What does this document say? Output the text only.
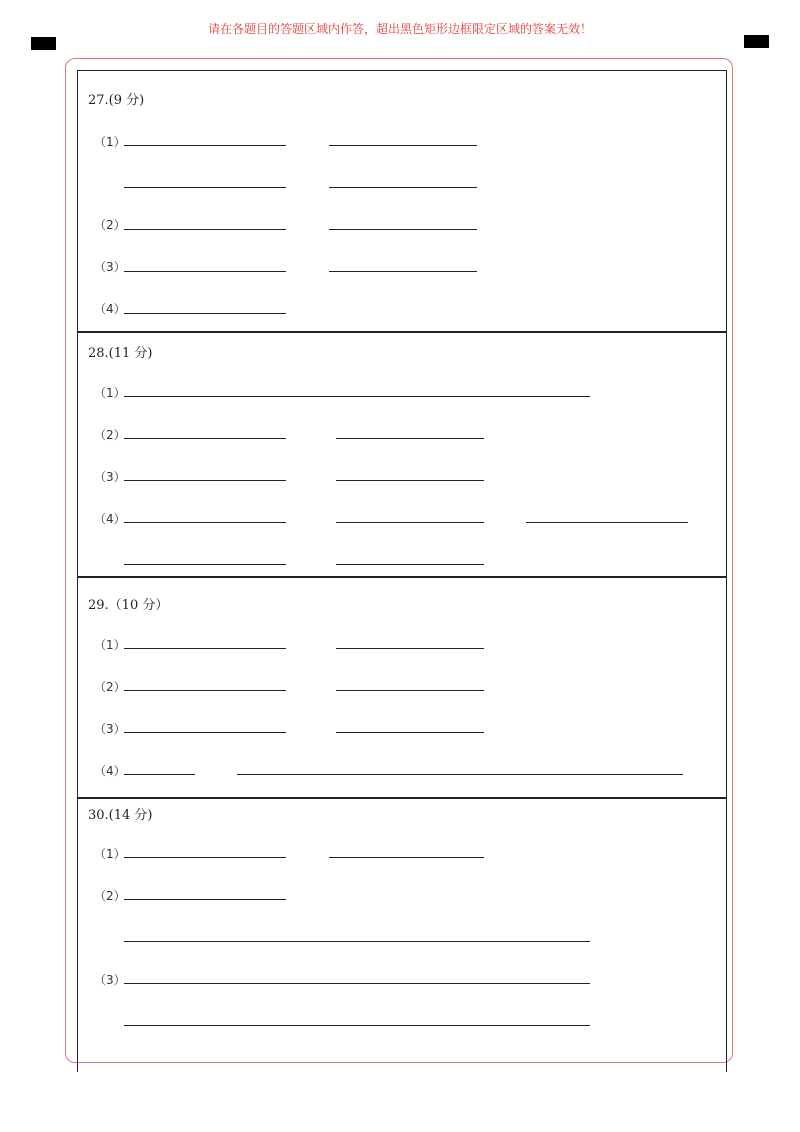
请在各题目的答题区域内作答，超出黑色矩形边框限定区域的答案无效！
27.(9 分)
（1）
（2）
（3）
（4）
28.(11 分)
（1）
（2）
（3）
（4）
29.（10 分）
（1）
（2）
（3）
（4）
30.(14 分)
（1）
（2）
（3）
